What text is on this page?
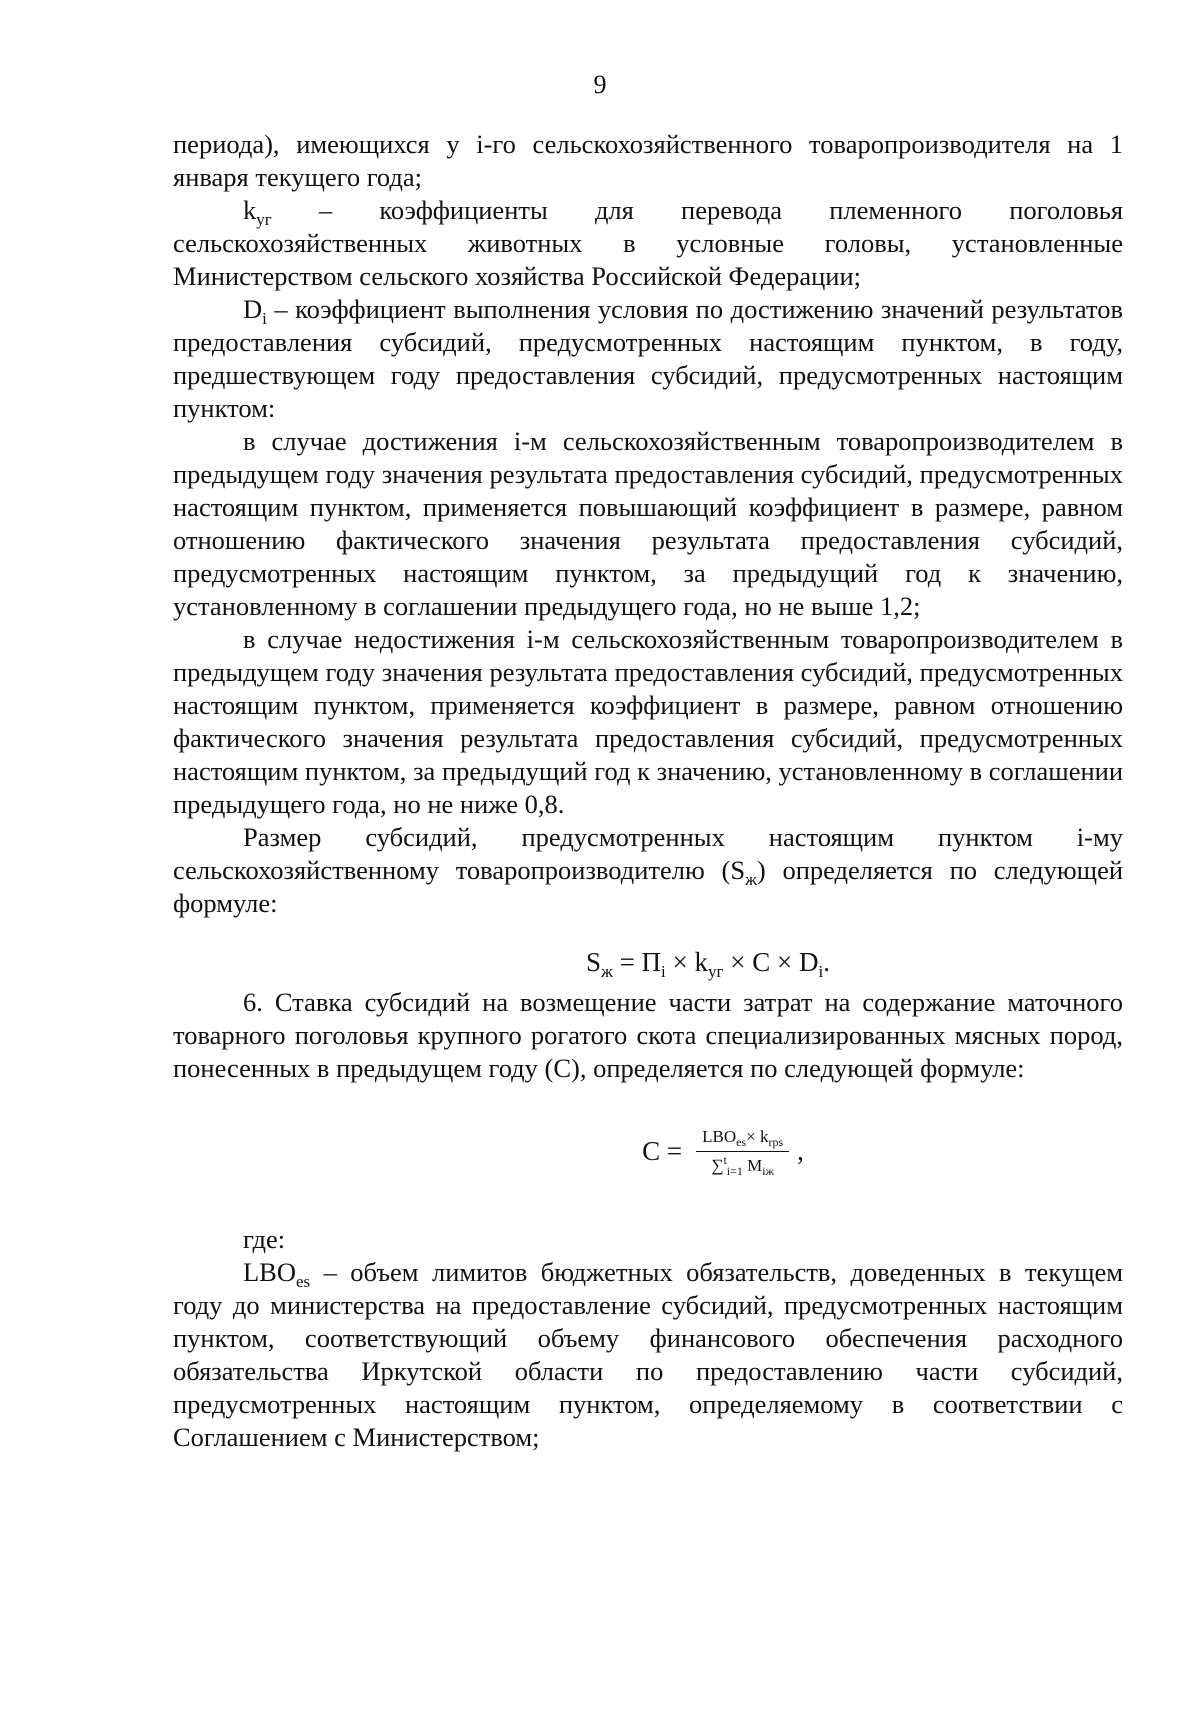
9

периода), имеющихся у i-го сельскохозяйственного товаропроизводителя на 1 января текущего года;

$k_{уг}$ – коэффициенты для перевода племенного поголовья сельскохозяйственных животных в условные головы, установленные Министерством сельского хозяйства Российской Федерации;

$D_i$ – коэффициент выполнения условия по достижению значений результатов предоставления субсидий, предусмотренных настоящим пунктом, в году, предшествующем году предоставления субсидий, предусмотренных настоящим пунктом:

в случае достижения i-м сельскохозяйственным товаропроизводителем в предыдущем году значения результата предоставления субсидий, предусмотренных настоящим пунктом, применяется повышающий коэффициент в размере, равном отношению фактического значения результата предоставления субсидий, предусмотренных настоящим пунктом, за предыдущий год к значению, установленному в соглашении предыдущего года, но не выше 1,2;

в случае недостижения i-м сельскохозяйственным товаропроизводителем в предыдущем году значения результата предоставления субсидий, предусмотренных настоящим пунктом, применяется коэффициент в размере, равном отношению фактического значения результата предоставления субсидий, предусмотренных настоящим пунктом, за предыдущий год к значению, установленному в соглашении предыдущего года, но не ниже 0,8.

Размер субсидий, предусмотренных настоящим пунктом i-му сельскохозяйственному товаропроизводителю $(S_ж)$ определяется по следующей формуле:

$S_ж = П_i \times k_{уг} \times C \times D_i$.

6. Ставка субсидий на возмещение части затрат на содержание маточного товарного поголовья крупного рогатого скота специализированных мясных пород, понесенных в предыдущем году (С), определяется по следующей формуле:

C
= $\frac{LBO_{es}\times k_{rps}}{\sum^t_{i=1} M_{iж}}$ ,

где:

$LBO_{es}$ – объем лимитов бюджетных обязательств, доведенных в текущем году до министерства на предоставление субсидий, предусмотренных настоящим пунктом, соответствующий объему финансового обеспечения расходного обязательства Иркутской области по предоставлению части субсидий, предусмотренных настоящим пунктом, определяемому в соответствии с Соглашением с Министерством;
